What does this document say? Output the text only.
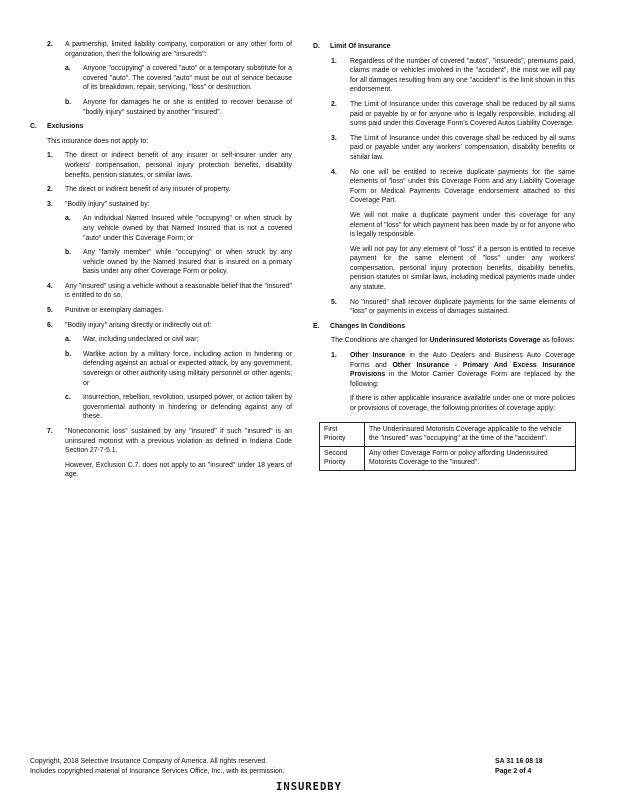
2. A partnership, limited liability company, corporation or any other form of organization, then the following are "insureds":
a. Anyone "occupying" a covered "auto" or a temporary substitute for a covered "auto". The covered "auto" must be out of service because of its breakdown, repair, servicing, "loss" or destruction.
b. Anyone for damages he or she is entitled to recover because of "bodily injury" sustained by another "insured".
C. Exclusions
This insurance does not apply to:
1. The direct or indirect benefit of any insurer or self-insurer under any workers' compensation, personal injury protection benefits, disability benefits, pension statutes, or similar laws.
2. The direct or indirect benefit of any insurer of property.
3. "Bodily injury" sustained by:
a. An individual Named Insured while "occupying" or when struck by any vehicle owned by that Named Insured that is not a covered "auto" under this Coverage Form; or
b. Any "family member" while "occupying" or when struck by any vehicle owned by the Named Insured that is insured on a primary basis under any other Coverage Form or policy.
4. Any "insured" using a vehicle without a reasonable belief that the "insured" is entitled to do so.
5. Punitive or exemplary damages.
6. "Bodily injury" arising directly or indirectly out of:
a. War, including undeclared or civil war;
b. Warlike action by a military force, including action in hindering or defending against an actual or expected attack, by any government, sovereign or other authority using military personnel or other agents; or
c. Insurrection, rebellion, revolution, usurped power, or action taken by governmental authority in hindering or defending against any of these.
7. "Noneconomic loss" sustained by any "insured" if such "insured" is an uninsured motorist with a previous violation as defined in Indiana Code Section 27-7-5.1.
However, Exclusion C.7. does not apply to an "insured" under 18 years of age.
D. Limit Of Insurance
1. Regardless of the number of covered "autos", "insureds", premiums paid, claims made or vehicles involved in the "accident", the most we will pay for all damages resulting from any one "accident" is the limit shown in this endorsement.
2. The Limit of Insurance under this coverage shall be reduced by all sums paid or payable by or for anyone who is legally responsible, including all sums paid under this Coverage Form's Covered Autos Liability Coverage.
3. The Limit of Insurance under this coverage shall be reduced by all sums paid or payable under any workers' compensation, disability benefits or similar law.
4. No one will be entitled to receive duplicate payments for the same elements of "loss" under this Coverage Form and any Liability Coverage Form or Medical Payments Coverage endorsement attached to this Coverage Part.
We will not make a duplicate payment under this coverage for any element of "loss" for which payment has been made by or for anyone who is legally responsible.
We will not pay for any element of "loss" if a person is entitled to receive payment for the same element of "loss" under any workers' compensation, personal injury protection benefits, disability benefits, pension statutes or similar laws, including medical payments made under any statute.
5. No "insured" shall recover duplicate payments for the same elements of "loss" or payments in excess of damages sustained.
E. Changes In Conditions
The Conditions are changed for Underinsured Motorists Coverage as follows:
1. Other Insurance in the Auto Dealers and Business Auto Coverage Forms and Other Insurance - Primary And Excess Insurance Provisions in the Motor Carrier Coverage Form are replaced by the following:
If there is other applicable insurance available under one or more policies or provisions of coverage, the following priorities of coverage apply:
First Priority	The Underinsured Motorists Coverage applicable to the vehicle the "insured" was "occupying" at the time of the "accident".
Second Priority	Any other Coverage Form or policy affording Underinsured Motorists Coverage to the "insured".
Copyright, 2018 Selective Insurance Company of America. All rights reserved.
Includes copyrighted material of Insurance Services Office, Inc., with its permission.
SA 31 16 08 18
Page 2 of 4
INSUREDBY
